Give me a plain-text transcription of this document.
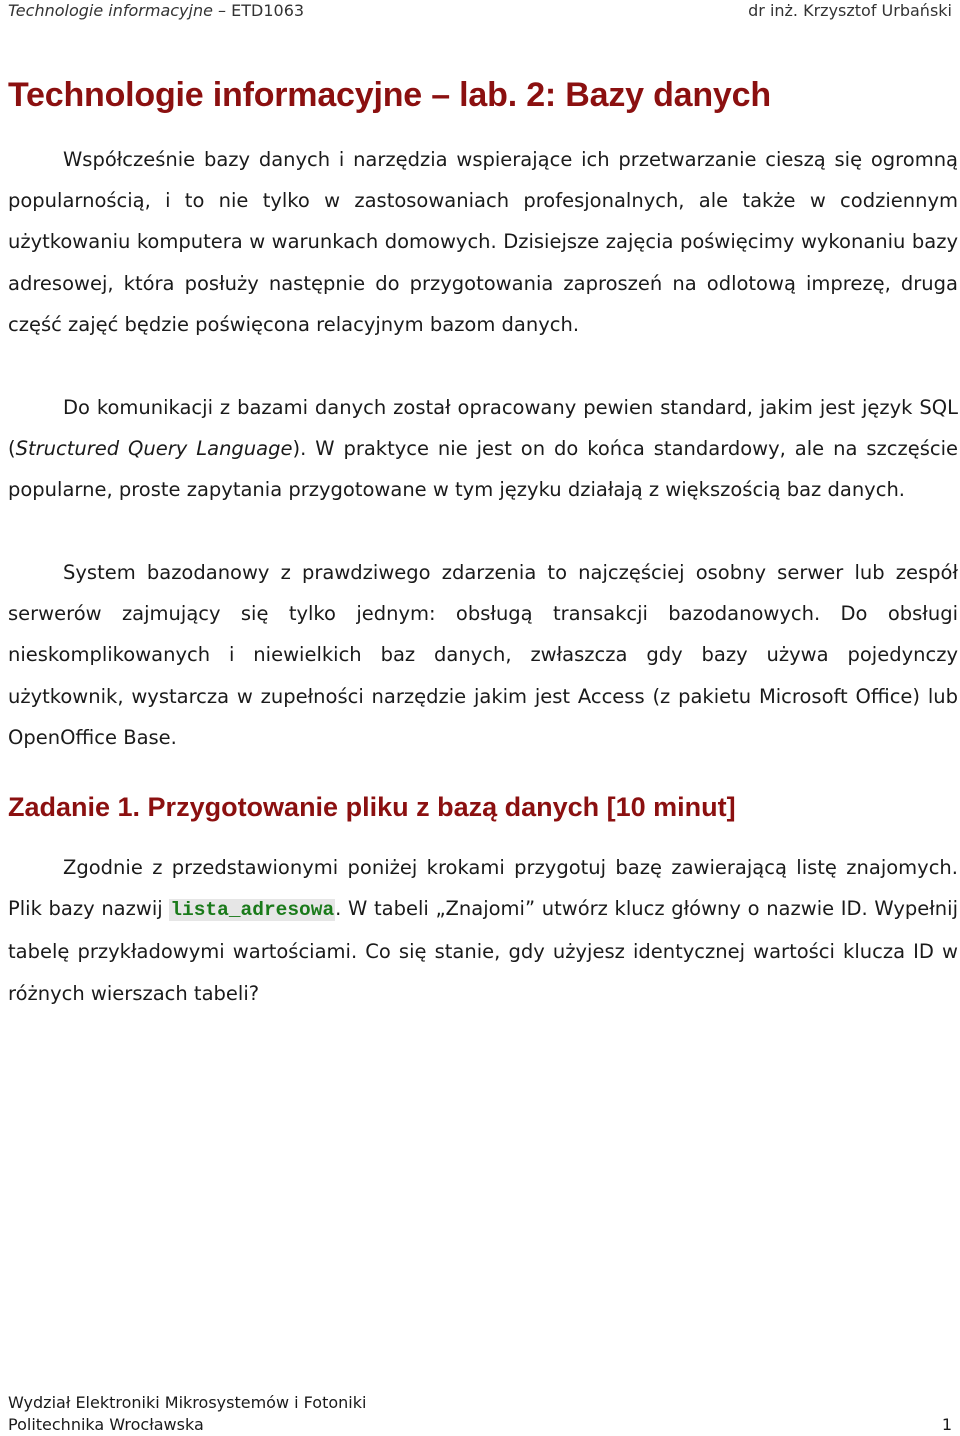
Technologie informacyjne – ETD1063	dr inż. Krzysztof Urbański
Technologie informacyjne – lab. 2: Bazy danych

Współcześnie bazy danych i narzędzia wspierające ich przetwarzanie cieszą się ogromną popularnością, i to nie tylko w zastosowaniach profesjonalnych, ale także w codziennym użytkowaniu komputera w warunkach domowych. Dzisiejsze zajęcia poświęcimy wykonaniu bazy adresowej, która posłuży następnie do przygotowania zaproszeń na odlotową imprezę, druga część zajęć będzie poświęcona relacyjnym bazom danych.

Do komunikacji z bazami danych został opracowany pewien standard, jakim jest język SQL (Structured Query Language). W praktyce nie jest on do końca standardowy, ale na szczęście popularne, proste zapytania przygotowane w tym języku działają z większością baz danych.

System bazodanowy z prawdziwego zdarzenia to najczęściej osobny serwer lub zespół serwerów zajmujący się tylko jednym: obsługą transakcji bazodanowych. Do obsługi nieskomplikowanych i niewielkich baz danych, zwłaszcza gdy bazy używa pojedynczy użytkownik, wystarcza w zupełności narzędzie jakim jest Access (z pakietu Microsoft Office) lub OpenOffice Base.

Zadanie 1. Przygotowanie pliku z bazą danych [10 minut]

Zgodnie z przedstawionymi poniżej krokami przygotuj bazę zawierającą listę znajomych. Plik bazy nazwij lista_adresowa. W tabeli „Znajomi” utwórz klucz główny o nazwie ID. Wypełnij tabelę przykładowymi wartościami. Co się stanie, gdy użyjesz identycznej wartości klucza ID w różnych wierszach tabeli?

Wydział Elektroniki Mikrosystemów i Fotoniki
Politechnika Wrocławska	1
